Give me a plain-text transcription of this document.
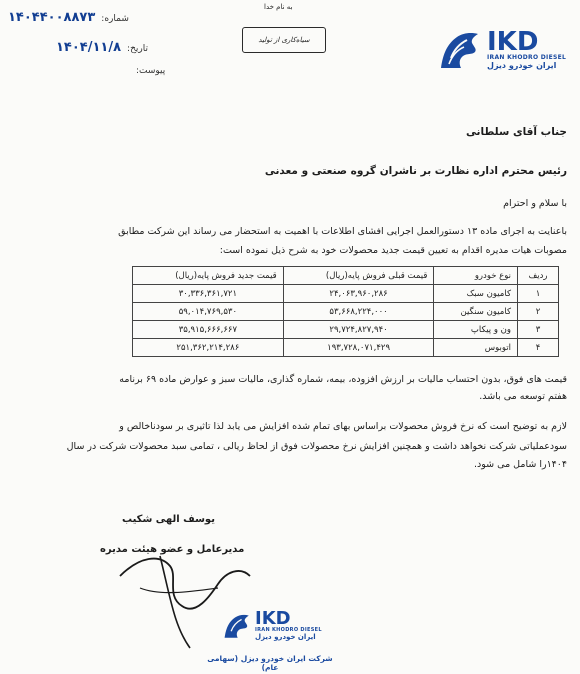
۱۴۰۴۴۰۰۸۸۷۳ شماره:
۱۴۰۴/۱۱/۸ تاریخ:
پیوست:
به نام خدا
سیاه‌کاری از تولید	IKD
IRAN KHODRO DIESEL
ایران خودرو دیزل
جناب آقای سلطانی
رئیس محترم اداره نظارت بر ناشران گروه صنعتی و معدنی
با سلام و احترام
باعنایت به اجرای ماده ۱۳ دستورالعمل اجرایی افشای اطلاعات با اهمیت به استحضار می رساند این شرکت مطابق
مصوبات هیات مدیره اقدام به تعیین قیمت جدید محصولات خود به شرح ذیل نموده است:
ردیف	نوع خودرو	قیمت قبلی فروش پایه(ریال)	قیمت جدید فروش پایه(ریال)
۱	کامیون سبک	۲۴,۰۶۳,۹۶۰,۲۸۶	۳۰,۳۳۶,۳۶۱,۷۲۱
۲	کامیون سنگین	۵۳,۶۶۸,۲۲۴,۰۰۰	۵۹,۰۱۴,۷۶۹,۵۳۰
۳	ون و پیکاپ	۲۹,۷۲۴,۸۲۷,۹۴۰	۳۵,۹۱۵,۶۶۶,۶۶۷
۴	اتوبوس	۱۹۳,۷۲۸,۰۷۱,۴۲۹	۲۵۱,۳۶۲,۲۱۴,۲۸۶
قیمت های فوق، بدون احتساب مالیات بر ارزش افزوده، بیمه، شماره گذاری، مالیات سبز و عوارض ماده ۶۹ برنامه
هفتم توسعه می باشد.
لازم به توضیح است که نرخ فروش محصولات براساس بهای تمام شده افزایش می یابد لذا تاثیری بر سودناخالص و
سودعملیاتی شرکت نخواهد داشت و همچنین افزایش نرخ محصولات فوق از لحاظ ریالی ، تمامی سبد محصولات شرکت در سال
۱۴۰۴را شامل می شود.
یوسف الهی شکیب
مدیرعامل و عضو هیئت مدیره
IKD
IRAN KHODRO DIESEL
ایران خودرو دیزل
شرکت ایران خودرو دیزل (سهامی عام)
